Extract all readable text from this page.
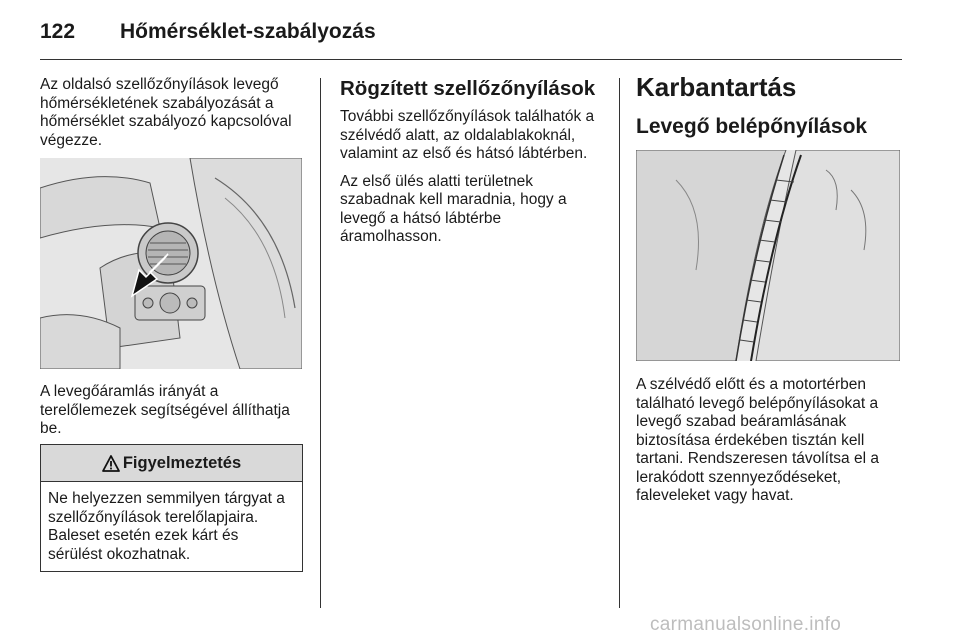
122 Hőmérséklet-szabályozás

Az oldalsó szellőzőnyílások levegő
hőmérsékletének szabályozását a
hőmérséklet szabályozó kapcsolóval
végezze.

A levegőáramlás irányát a
terelőlemezek segítségével állíthatja
be.

Figyelmeztetés
Ne helyezzen semmilyen tárgyat a
szellőzőnyílások terelőlapjaira.
Baleset esetén ezek kárt és
sérülést okozhatnak.
Rögzített szellőzőnyílások

További szellőzőnyílások találhatók a
szélvédő alatt, az oldalablakoknál,
valamint az első és hátsó lábtérben.

Az első ülés alatti területnek
szabadnak kell maradnia, hogy a
levegő a hátsó lábtérbe
áramolhasson.

Karbantartás
Levegő belépőnyílások

A szélvédő előtt és a motortérben
található levegő belépőnyílásokat a
levegő szabad beáramlásának
biztosítása érdekében tisztán kell
tartani. Rendszeresen távolítsa el a
lerakódott szennyeződéseket,
faleveleket vagy havat.

carmanualsonline.info
